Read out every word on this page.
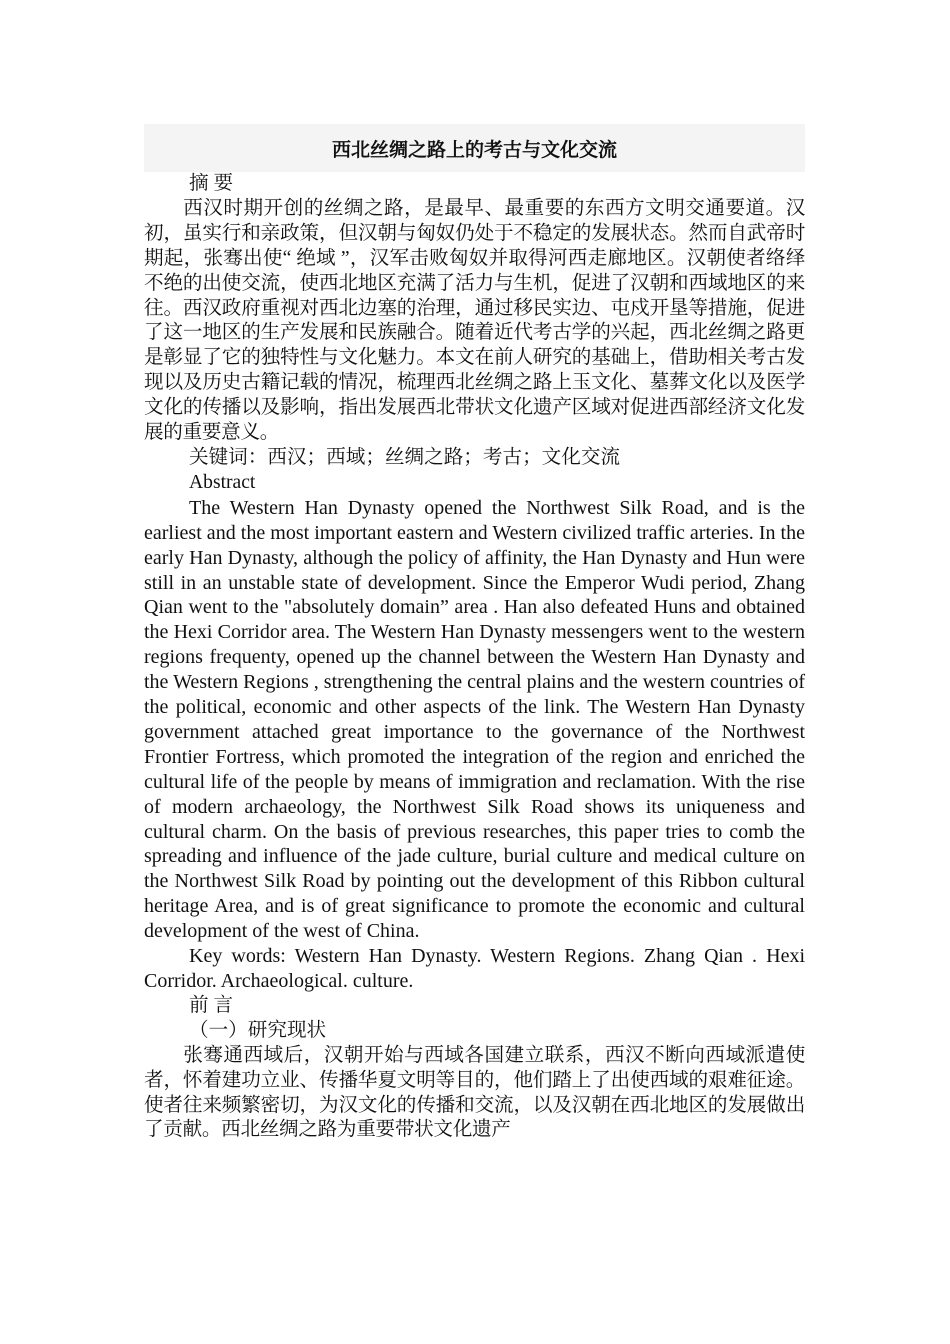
西北丝绸之路上的考古与文化交流

摘 要

西汉时期开创的丝绸之路，是最早、最重要的东西方文明交通要道。汉初，虽实行和亲政策，但汉朝与匈奴仍处于不稳定的发展状态。然而自武帝时期起，张骞出使“ 绝域 ”，汉军击败匈奴并取得河西走廊地区。汉朝使者络绎不绝的出使交流，使西北地区充满了活力与生机，促进了汉朝和西域地区的来往。西汉政府重视对西北边塞的治理，通过移民实边、屯戍开垦等措施，促进了这一地区的生产发展和民族融合。随着近代考古学的兴起，西北丝绸之路更是彰显了它的独特性与文化魅力。本文在前人研究的基础上，借助相关考古发现以及历史古籍记载的情况，梳理西北丝绸之路上玉文化、墓葬文化以及医学文化的传播以及影响，指出发展西北带状文化遗产区域对促进西部经济文化发展的重要意义。

关键词：西汉；西域；丝绸之路；考古；文化交流

Abstract

The Western Han Dynasty opened the Northwest Silk Road, and is the earliest and the most important eastern and Western civilized traffic arteries. In the early Han Dynasty, although the policy of affinity, the Han Dynasty and Hun were still in an unstable state of development. Since the Emperor Wudi period, Zhang Qian went to the "absolutely domain” area . Han also defeated Huns and obtained the Hexi Corridor area. The Western Han Dynasty messengers went to the western regions frequenty, opened up the channel between the Western Han Dynasty and the Western Regions , strengthening the central plains and the western countries of the political, economic and other aspects of the link. The Western Han Dynasty government attached great importance to the governance of the Northwest Frontier Fortress, which promoted the integration of the region and enriched the cultural life of the people by means of immigration and reclamation. With the rise of modern archaeology, the Northwest Silk Road shows its uniqueness and cultural charm. On the basis of previous researches, this paper tries to comb the spreading and influence of the jade culture, burial culture and medical culture on the Northwest Silk Road by pointing out the development of this Ribbon cultural heritage Area, and is of great significance to promote the economic and cultural development of the west of China.

Key words: Western Han Dynasty. Western Regions. Zhang Qian . Hexi Corridor. Archaeological. culture.

前 言

（一）研究现状

张骞通西域后，汉朝开始与西域各国建立联系，西汉不断向西域派遣使者，怀着建功立业、传播华夏文明等目的，他们踏上了出使西域的艰难征途。使者往来频繁密切，为汉文化的传播和交流，以及汉朝在西北地区的发展做出了贡献。西北丝绸之路为重要带状文化遗产
